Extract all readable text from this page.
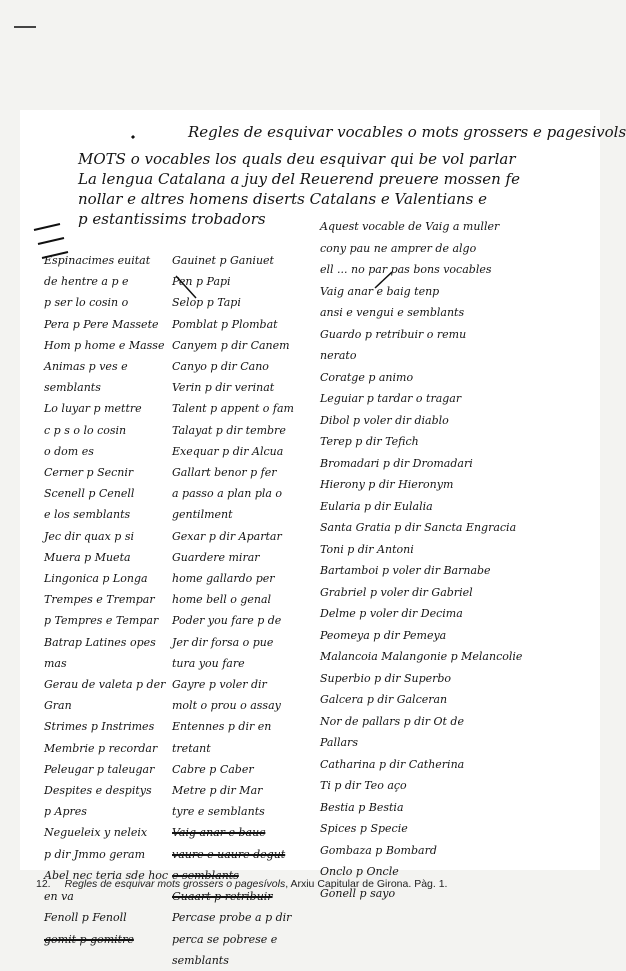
Regles de esquivar vocables o mots grossers e pagesivols
MOTS o vocables los quals deu esquivar qui be vol parlar
La lengua Catalana a juy del Reuerend preuere mossen fe
nollar e altres homens diserts Catalans e Valentians e
p estantissims trobadors
Espinacimes euitat
de hentre a p e
p ser lo cosin o
Pera p Pere Massete
Hom p home e Masse
Animas p ves e
semblants
Lo luyar p mettre
c p s o lo cosin
o dom es
Cerner p Secnir
Scenell p Cenell
e los semblants
Jec dir quax p si
Muera p Mueta
Lingonica p Longa
Trempes e Trempar
p Tempres e Tempar
Batrap Latines opes
mas
Gerau de valeta p der
Gran
Strimes p Instrimes
Membrie p recordar
Peleugar p taleugar
Despites e despitys
p Apres
Negueleix y neleix
p dir Jmmo geram
Abel nec teria sde hoc
en va
Fenoll p Fenoll
gomit p gomitre
Gauinet p Ganiuet
Pen p Papi
Selop p Tapi
Pomblat p Plombat
Canyem p dir Canem
Canyo p dir Cano
Verin p dir verinat
Talent p appent o fam
Talayat p dir tembre
Exequar p dir Alcua
Gallart benor p fer
a passo a plan pla o
gentilment
Gexar p dir Apartar
Guardere mirar
home gallardo per
home bell o genal
Poder you fare p de
Jer dir forsa o pue
tura you fare
Gayre p voler dir
molt o prou o assay
Entennes p dir en
tretant
Cabre p Caber
Metre p dir Mar
tyre e semblants
Vaig anar e bauc
vaure e uaure degut
e semblants
Guaart p retribuir
Percase probe a p dir
perca se pobrese e
semblants
Aquest vocable de Vaig a muller
cony pau ne amprer de algo
ell ... no par pas bons vocables
Vaig anar e baig tenp
ansi e vengui e semblants
Guardo p retribuir o remu
nerato
Coratge p animo
Leguiar p tardar o tragar
Dibol p voler dir diablo
Terep p dir Tefich
Bromadari p dir Dromadari
Hierony p dir Hieronym
Eularia p dir Eulalia
Santa Gratia p dir Sancta Engracia
Toni p dir Antoni
Bartamboi p voler dir Barnabe
Grabriel p voler dir Gabriel
Delme p voler dir Decima
Peomeya p dir Pemeya
Malancoia Malangonie p Melancolie
Superbio p dir Superbo
Galcera p dir Galceran
Nor de pallars p dir Ot de
Pallars
Catharina p dir Catherina
Ti p dir Teo aço
Bestia p Bestia
Spices p Specie
Gombaza p Bombard
Onclo p Oncle
Gonell p sayo
12. Regles de esquivar mots grossers o pagesívols, Arxiu Capitular de Girona. Pàg. 1.
